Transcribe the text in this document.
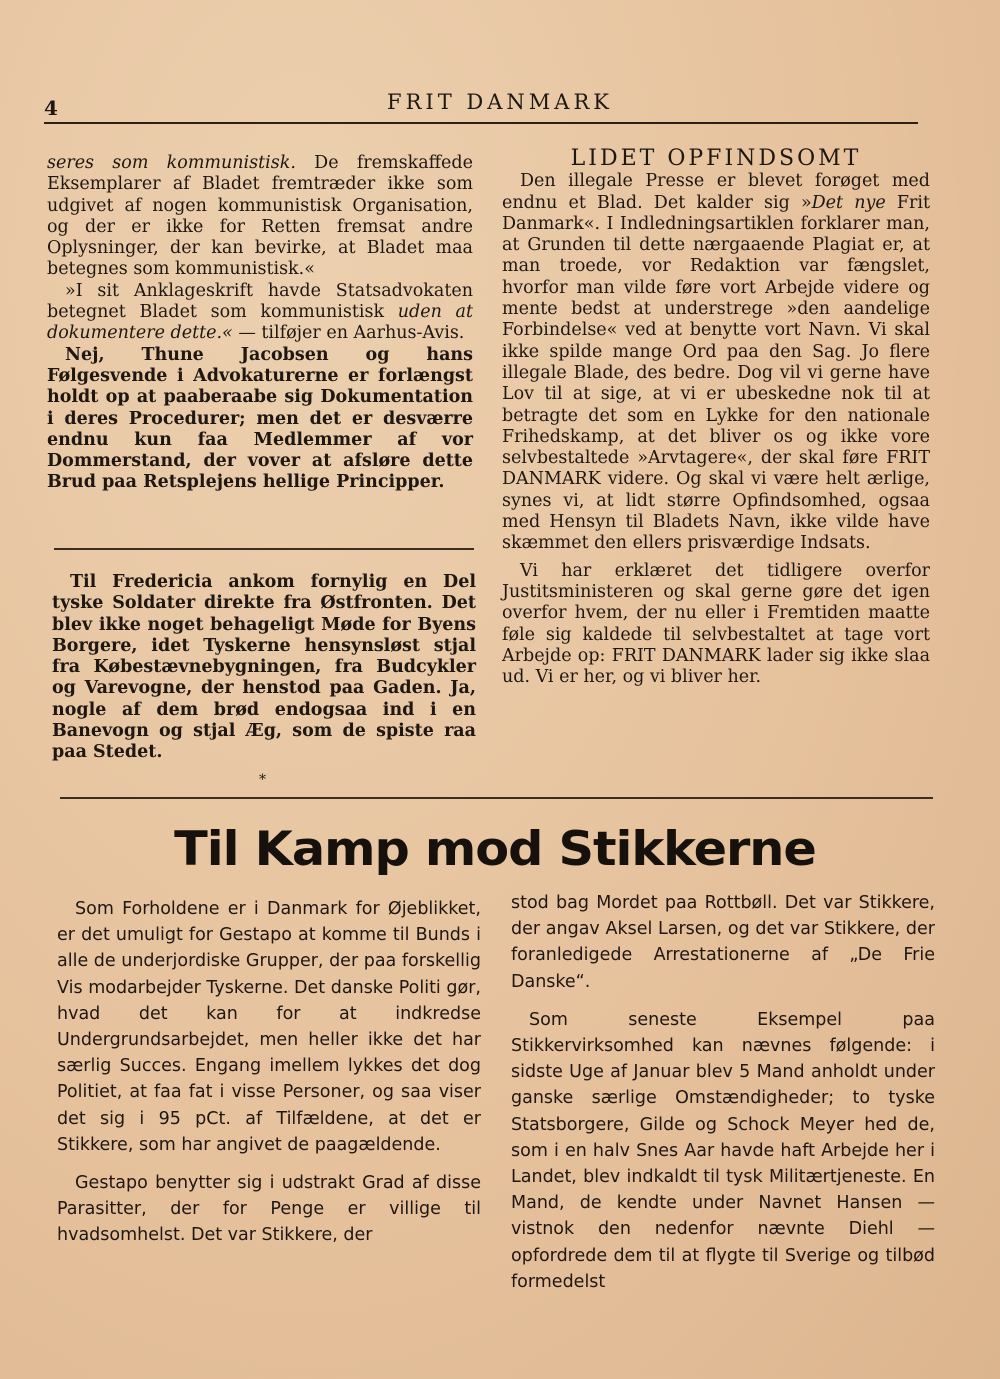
4	FRIT DANMARK

seres som kommunistisk. De fremskaffede Eksemplarer af Bladet fremtræder ikke som udgivet af nogen kommunistisk Organisation, og der er ikke for Retten fremsat andre Oplysninger, der kan bevirke, at Bladet maa betegnes som kommunistisk.«

»I sit Anklageskrift havde Statsadvokaten betegnet Bladet som kommunistisk uden at dokumentere dette.« — tilføjer en Aarhus-Avis.

Nej, Thune Jacobsen og hans Følgesvende i Advokaturerne er forlængst holdt op at paaberaabe sig Dokumentation i deres Procedurer; men det er desværre endnu kun faa Medlemmer af vor Dommerstand, der vover at afsløre dette Brud paa Retsplejens hellige Principper.

Til Fredericia ankom fornylig en Del tyske Soldater direkte fra Østfronten. Det blev ikke noget behageligt Møde for Byens Borgere, idet Tyskerne hensynsløst stjal fra Købestævnebygningen, fra Budcykler og Varevogne, der henstod paa Gaden. Ja, nogle af dem brød endogsaa ind i en Banevogn og stjal Æg, som de spiste raa paa Stedet.

*

LIDET OPFINDSOMT

Den illegale Presse er blevet forøget med endnu et Blad. Det kalder sig »Det nye Frit Danmark«. I Indledningsartiklen forklarer man, at Grunden til dette nærgaaende Plagiat er, at man troede, vor Redaktion var fængslet, hvorfor man vilde føre vort Arbejde videre og mente bedst at understrege »den aandelige Forbindelse« ved at benytte vort Navn. Vi skal ikke spilde mange Ord paa den Sag. Jo flere illegale Blade, des bedre. Dog vil vi gerne have Lov til at sige, at vi er ubeskedne nok til at betragte det som en Lykke for den nationale Frihedskamp, at det bliver os og ikke vore selvbestaltede »Arvtagere«, der skal føre FRIT DANMARK videre. Og skal vi være helt ærlige, synes vi, at lidt større Opfindsomhed, ogsaa med Hensyn til Bladets Navn, ikke vilde have skæmmet den ellers prisværdige Indsats.

Vi har erklæret det tidligere overfor Justitsministeren og skal gerne gøre det igen overfor hvem, der nu eller i Fremtiden maatte føle sig kaldede til selvbestaltet at tage vort Arbejde op: FRIT DANMARK lader sig ikke slaa ud. Vi er her, og vi bliver her.

Til Kamp mod Stikkerne

Som Forholdene er i Danmark for Øjeblikket, er det umuligt for Gestapo at komme til Bunds i alle de underjordiske Grupper, der paa forskellig Vis modarbejder Tyskerne. Det danske Politi gør, hvad det kan for at indkredse Undergrundsarbejdet, men heller ikke det har særlig Succes. Engang imellem lykkes det dog Politiet, at faa fat i visse Personer, og saa viser det sig i 95 pCt. af Tilfældene, at det er Stikkere, som har angivet de paagældende.

Gestapo benytter sig i udstrakt Grad af disse Parasitter, der for Penge er villige til hvadsomhelst. Det var Stikkere, der

stod bag Mordet paa Rottbøll. Det var Stikkere, der angav Aksel Larsen, og det var Stikkere, der foranledigede Arrestationerne af „De Frie Danske“.

Som seneste Eksempel paa Stikkervirksomhed kan nævnes følgende: i sidste Uge af Januar blev 5 Mand anholdt under ganske særlige Omstændigheder; to tyske Statsborgere, Gilde og Schock Meyer hed de, som i en halv Snes Aar havde haft Arbejde her i Landet, blev indkaldt til tysk Militærtjeneste. En Mand, de kendte under Navnet Hansen — vistnok den nedenfor nævnte Diehl — opfordrede dem til at flygte til Sverige og tilbød formedelst
